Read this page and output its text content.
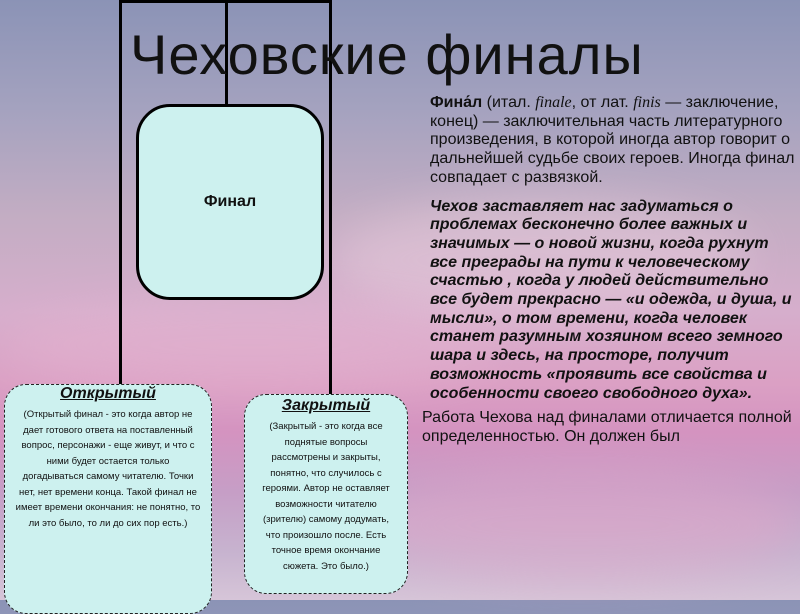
Чеховские финалы
Финал
Открытый
(Открытый финал - это когда автор не дает готового ответа на поставленный вопрос, персонажи - еще живут, и что с ними будет остается только догадываться самому читателю. Точки нет, нет времени конца. Такой финал не имеет времени окончания: не понятно, то ли это было, то ли до сих пор есть.)
Закрытый
(Закрытый - это когда все поднятые вопросы рассмотрены и закрыты, понятно, что случилось с героями. Автор не оставляет возможности читателю (зрителю) самому додумать, что произошло после. Есть точное время окончание сюжета. Это было.)

Фина́л (итал. finale, от лат. finis — заключение, конец) — заключительная часть литературного произведения, в которой иногда автор говорит о дальнейшей судьбе своих героев. Иногда финал совпадает с развязкой.

Чехов заставляет нас задуматься о проблемах бесконечно более важных и значимых — о новой жизни, когда рухнут все преграды на пути к человеческому счастью , когда у людей действительно все будет прекрасно — «и одежда, и душа, и мысли», о том времени, когда человек станет разумным хозяином всего земного шара и здесь, на просторе, получит возможность «проявить все свойства и особенности своего свободного духа».

Работа Чехова над финалами отличается полной определенностью. Он должен был
